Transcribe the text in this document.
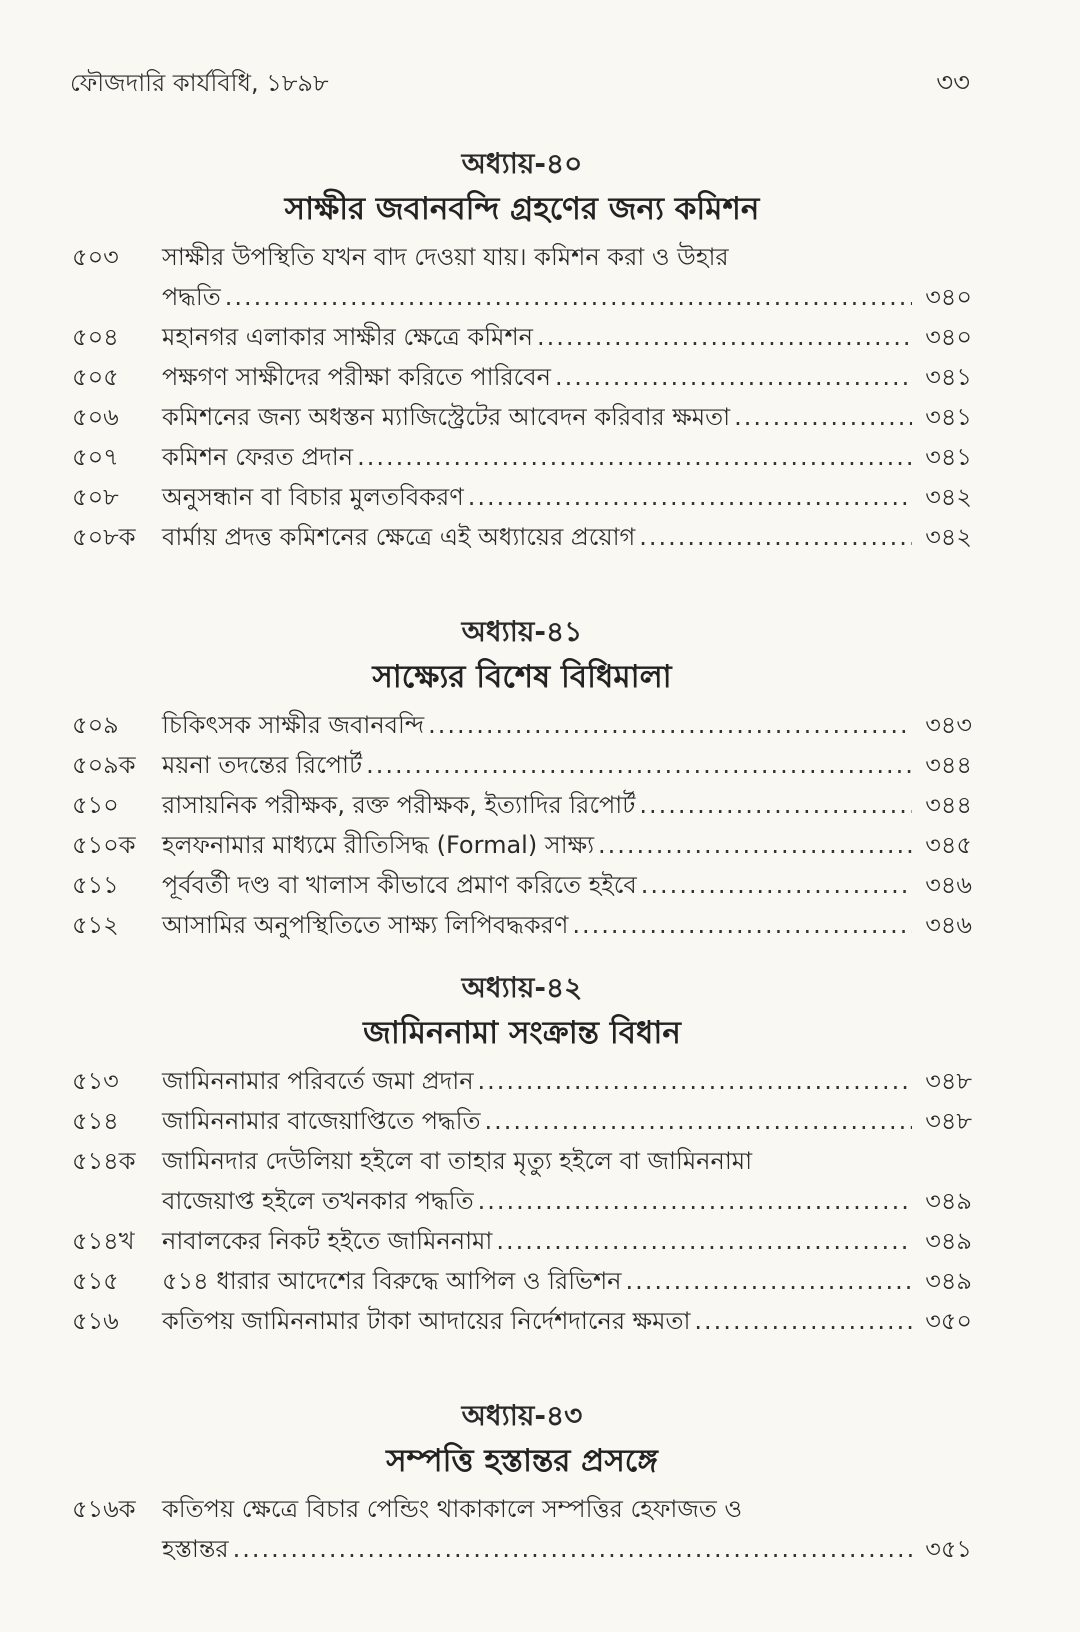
ফৌজদারি কার্যবিধি, ১৮৯৮	৩৩
অধ্যায়-৪০
সাক্ষীর জবানবন্দি গ্রহণের জন্য কমিশন
৫০৩	সাক্ষীর উপস্থিতি যখন বাদ দেওয়া যায়। কমিশন করা ও উহার
পদ্ধতি .....	৩৪০
৫০৪	মহানগর এলাকার সাক্ষীর ক্ষেত্রে কমিশন .....	৩৪০
৫০৫	পক্ষগণ সাক্ষীদের পরীক্ষা করিতে পারিবেন .....	৩৪১
৫০৬	কমিশনের জন্য অধস্তন ম্যাজিস্ট্রেটের আবেদন করিবার ক্ষমতা .....	৩৪১
৫০৭	কমিশন ফেরত প্রদান .....	৩৪১
৫০৮	অনুসন্ধান বা বিচার মুলতবিকরণ .....	৩৪২
৫০৮ক	বার্মায় প্রদত্ত কমিশনের ক্ষেত্রে এই অধ্যায়ের প্রয়োগ .....	৩৪২
অধ্যায়-৪১
সাক্ষ্যের বিশেষ বিধিমালা
৫০৯	চিকিৎসক সাক্ষীর জবানবন্দি .....	৩৪৩
৫০৯ক	ময়না তদন্তের রিপোর্ট .....	৩৪৪
৫১০	রাসায়নিক পরীক্ষক, রক্ত পরীক্ষক, ইত্যাদির রিপোর্ট .....	৩৪৪
৫১০ক	হলফনামার মাধ্যমে রীতিসিদ্ধ (Formal) সাক্ষ্য .....	৩৪৫
৫১১	পূর্ববর্তী দণ্ড বা খালাস কীভাবে প্রমাণ করিতে হইবে .....	৩৪৬
৫১২	আসামির অনুপস্থিতিতে সাক্ষ্য লিপিবদ্ধকরণ .....	৩৪৬
অধ্যায়-৪২
জামিননামা সংক্রান্ত বিধান
৫১৩	জামিননামার পরিবর্তে জমা প্রদান .....	৩৪৮
৫১৪	জামিননামার বাজেয়াপ্তিতে পদ্ধতি .....	৩৪৮
৫১৪ক	জামিনদার দেউলিয়া হইলে বা তাহার মৃত্যু হইলে বা জামিননামা
বাজেয়াপ্ত হইলে তখনকার পদ্ধতি .....	৩৪৯
৫১৪খ	নাবালকের নিকট হইতে জামিননামা .....	৩৪৯
৫১৫	৫১৪ ধারার আদেশের বিরুদ্ধে আপিল ও রিভিশন .....	৩৪৯
৫১৬	কতিপয় জামিননামার টাকা আদায়ের নির্দেশদানের ক্ষমতা .....	৩৫০
অধ্যায়-৪৩
সম্পত্তি হস্তান্তর প্রসঙ্গে
৫১৬ক	কতিপয় ক্ষেত্রে বিচার পেন্ডিং থাকাকালে সম্পত্তির হেফাজত ও
হস্তান্তর .....	৩৫১
